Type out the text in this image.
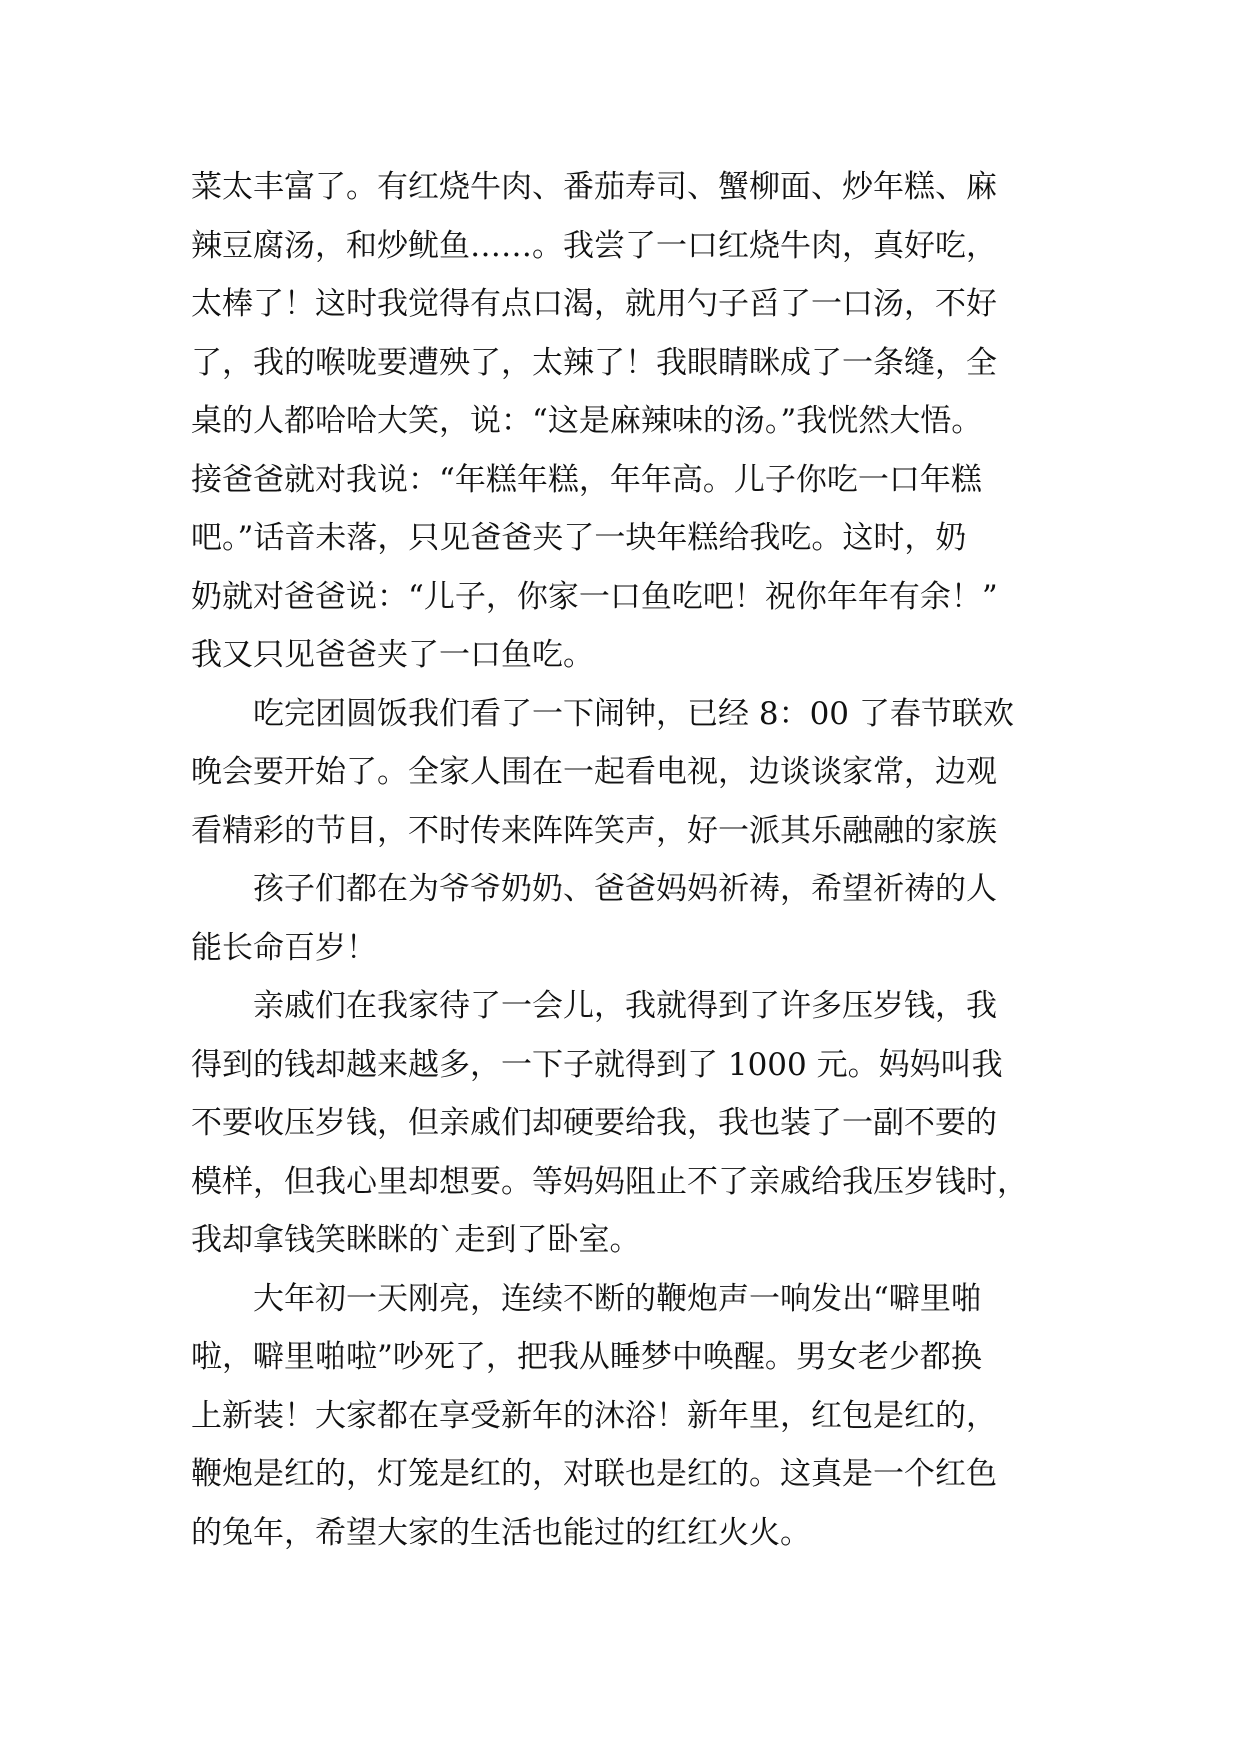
菜太丰富了。有红烧牛肉、番茄寿司、蟹柳面、炒年糕、麻
辣豆腐汤，和炒鱿鱼……。我尝了一口红烧牛肉，真好吃，
太棒了！这时我觉得有点口渴，就用勺子舀了一口汤，不好
了，我的喉咙要遭殃了，太辣了！我眼睛眯成了一条缝，全
桌的人都哈哈大笑，说：“这是麻辣味的汤。”我恍然大悟。
接爸爸就对我说：“年糕年糕，年年高。儿子你吃一口年糕
吧。”话音未落，只见爸爸夹了一块年糕给我吃。这时，奶
奶就对爸爸说：“儿子，你家一口鱼吃吧！祝你年年有余！”
我又只见爸爸夹了一口鱼吃。
吃完团圆饭我们看了一下闹钟，已经 8：00 了春节联欢
晚会要开始了。全家人围在一起看电视，边谈谈家常，边观
看精彩的节目，不时传来阵阵笑声，好一派其乐融融的家族
孩子们都在为爷爷奶奶、爸爸妈妈祈祷，希望祈祷的人
能长命百岁！
亲戚们在我家待了一会儿，我就得到了许多压岁钱，我
得到的钱却越来越多，一下子就得到了 1000 元。妈妈叫我
不要收压岁钱，但亲戚们却硬要给我，我也装了一副不要的
模样，但我心里却想要。等妈妈阻止不了亲戚给我压岁钱时，
我却拿钱笑眯眯的`走到了卧室。
大年初一天刚亮，连续不断的鞭炮声一响发出“噼里啪
啦，噼里啪啦”吵死了，把我从睡梦中唤醒。男女老少都换
上新装！大家都在享受新年的沐浴！新年里，红包是红的，
鞭炮是红的，灯笼是红的，对联也是红的。这真是一个红色
的兔年，希望大家的生活也能过的红红火火。
